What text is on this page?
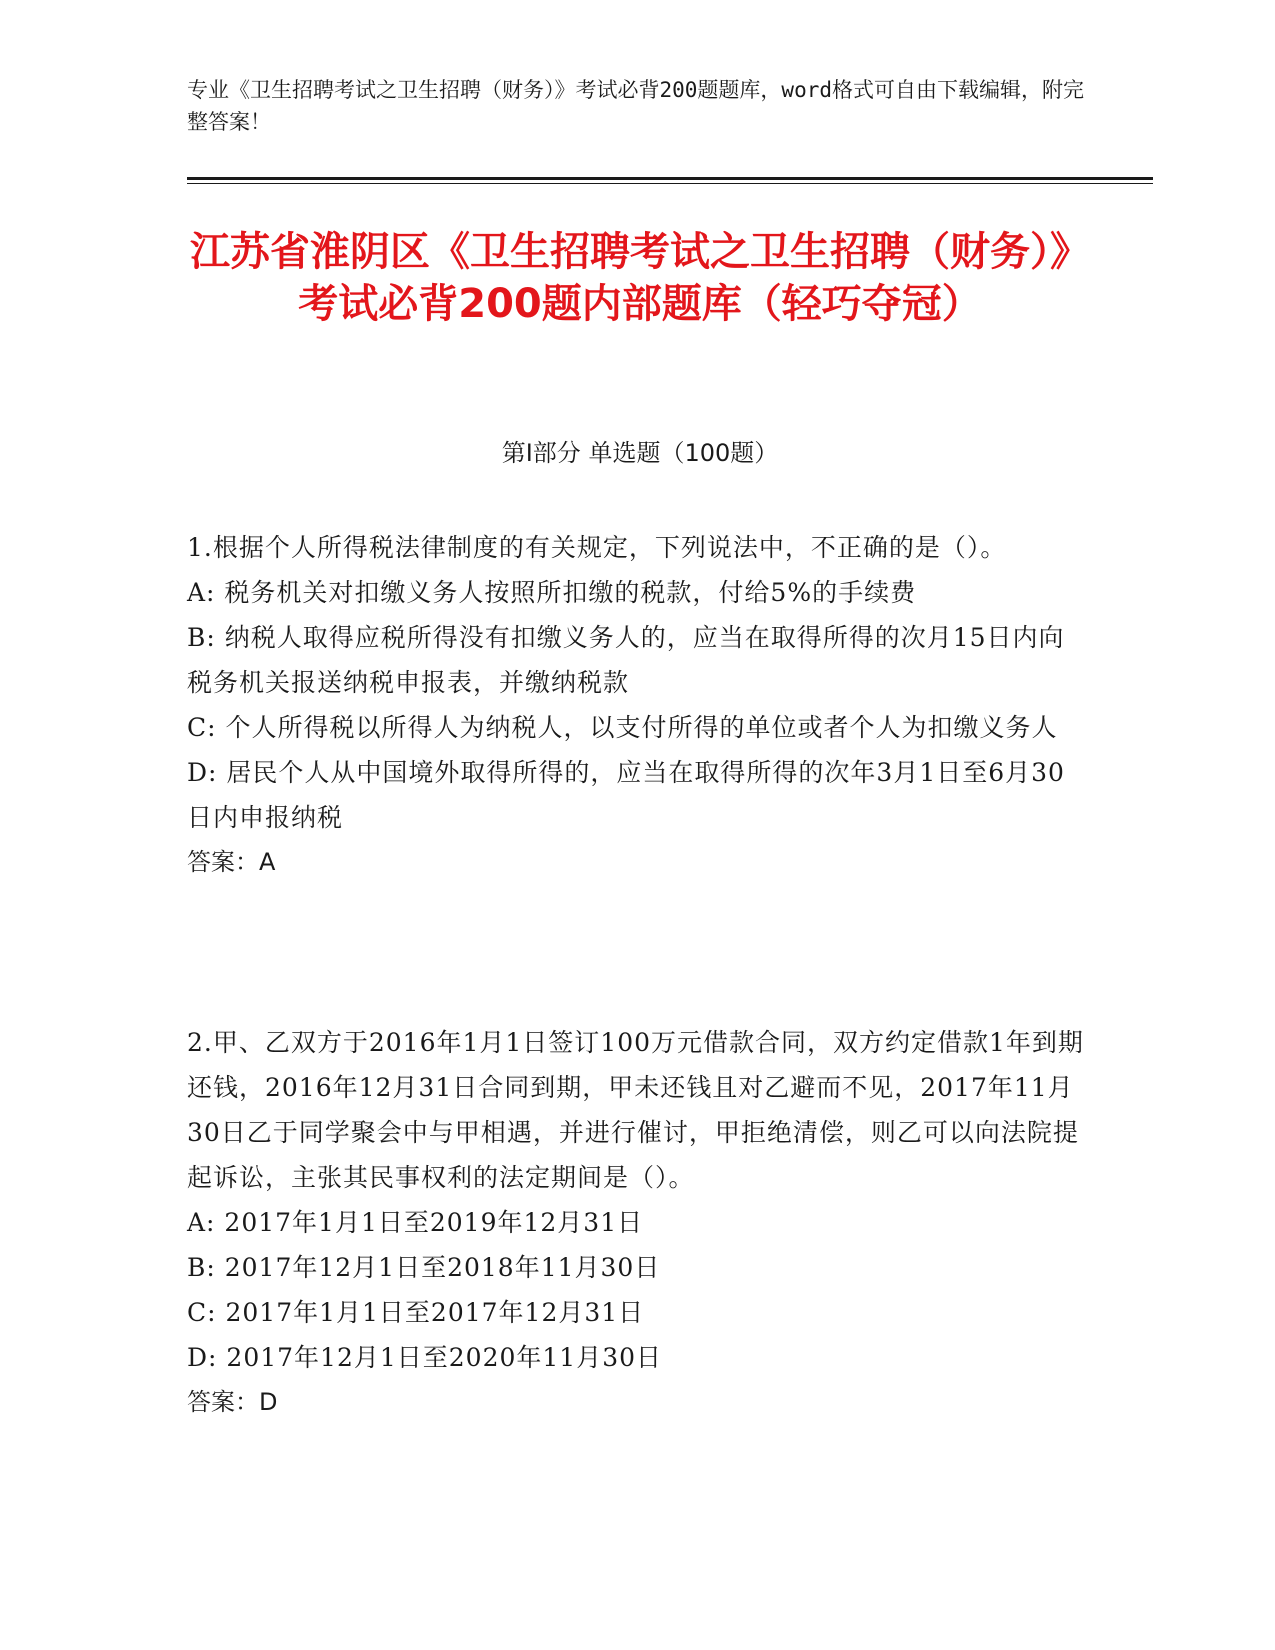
专业《卫生招聘考试之卫生招聘（财务）》考试必背200题题库，word格式可自由下载编辑，附完整答案！
江苏省淮阴区《卫生招聘考试之卫生招聘（财务）》考试必背200题内部题库（轻巧夺冠）
第I部分 单选题（100题）

1.根据个人所得税法律制度的有关规定，下列说法中，不正确的是（）。

A: 税务机关对扣缴义务人按照所扣缴的税款，付给5%的手续费

B: 纳税人取得应税所得没有扣缴义务人的，应当在取得所得的次月15日内向税务机关报送纳税申报表，并缴纳税款

C: 个人所得税以所得人为纳税人，以支付所得的单位或者个人为扣缴义务人

D: 居民个人从中国境外取得所得的，应当在取得所得的次年3月1日至6月30日内申报纳税

答案：A

2.甲、乙双方于2016年1月1日签订100万元借款合同，双方约定借款1年到期还钱，2016年12月31日合同到期，甲未还钱且对乙避而不见，2017年11月30日乙于同学聚会中与甲相遇，并进行催讨，甲拒绝清偿，则乙可以向法院提起诉讼，主张其民事权利的法定期间是（）。

A: 2017年1月1日至2019年12月31日

B: 2017年12月1日至2018年11月30日

C: 2017年1月1日至2017年12月31日

D: 2017年12月1日至2020年11月30日

答案：D
